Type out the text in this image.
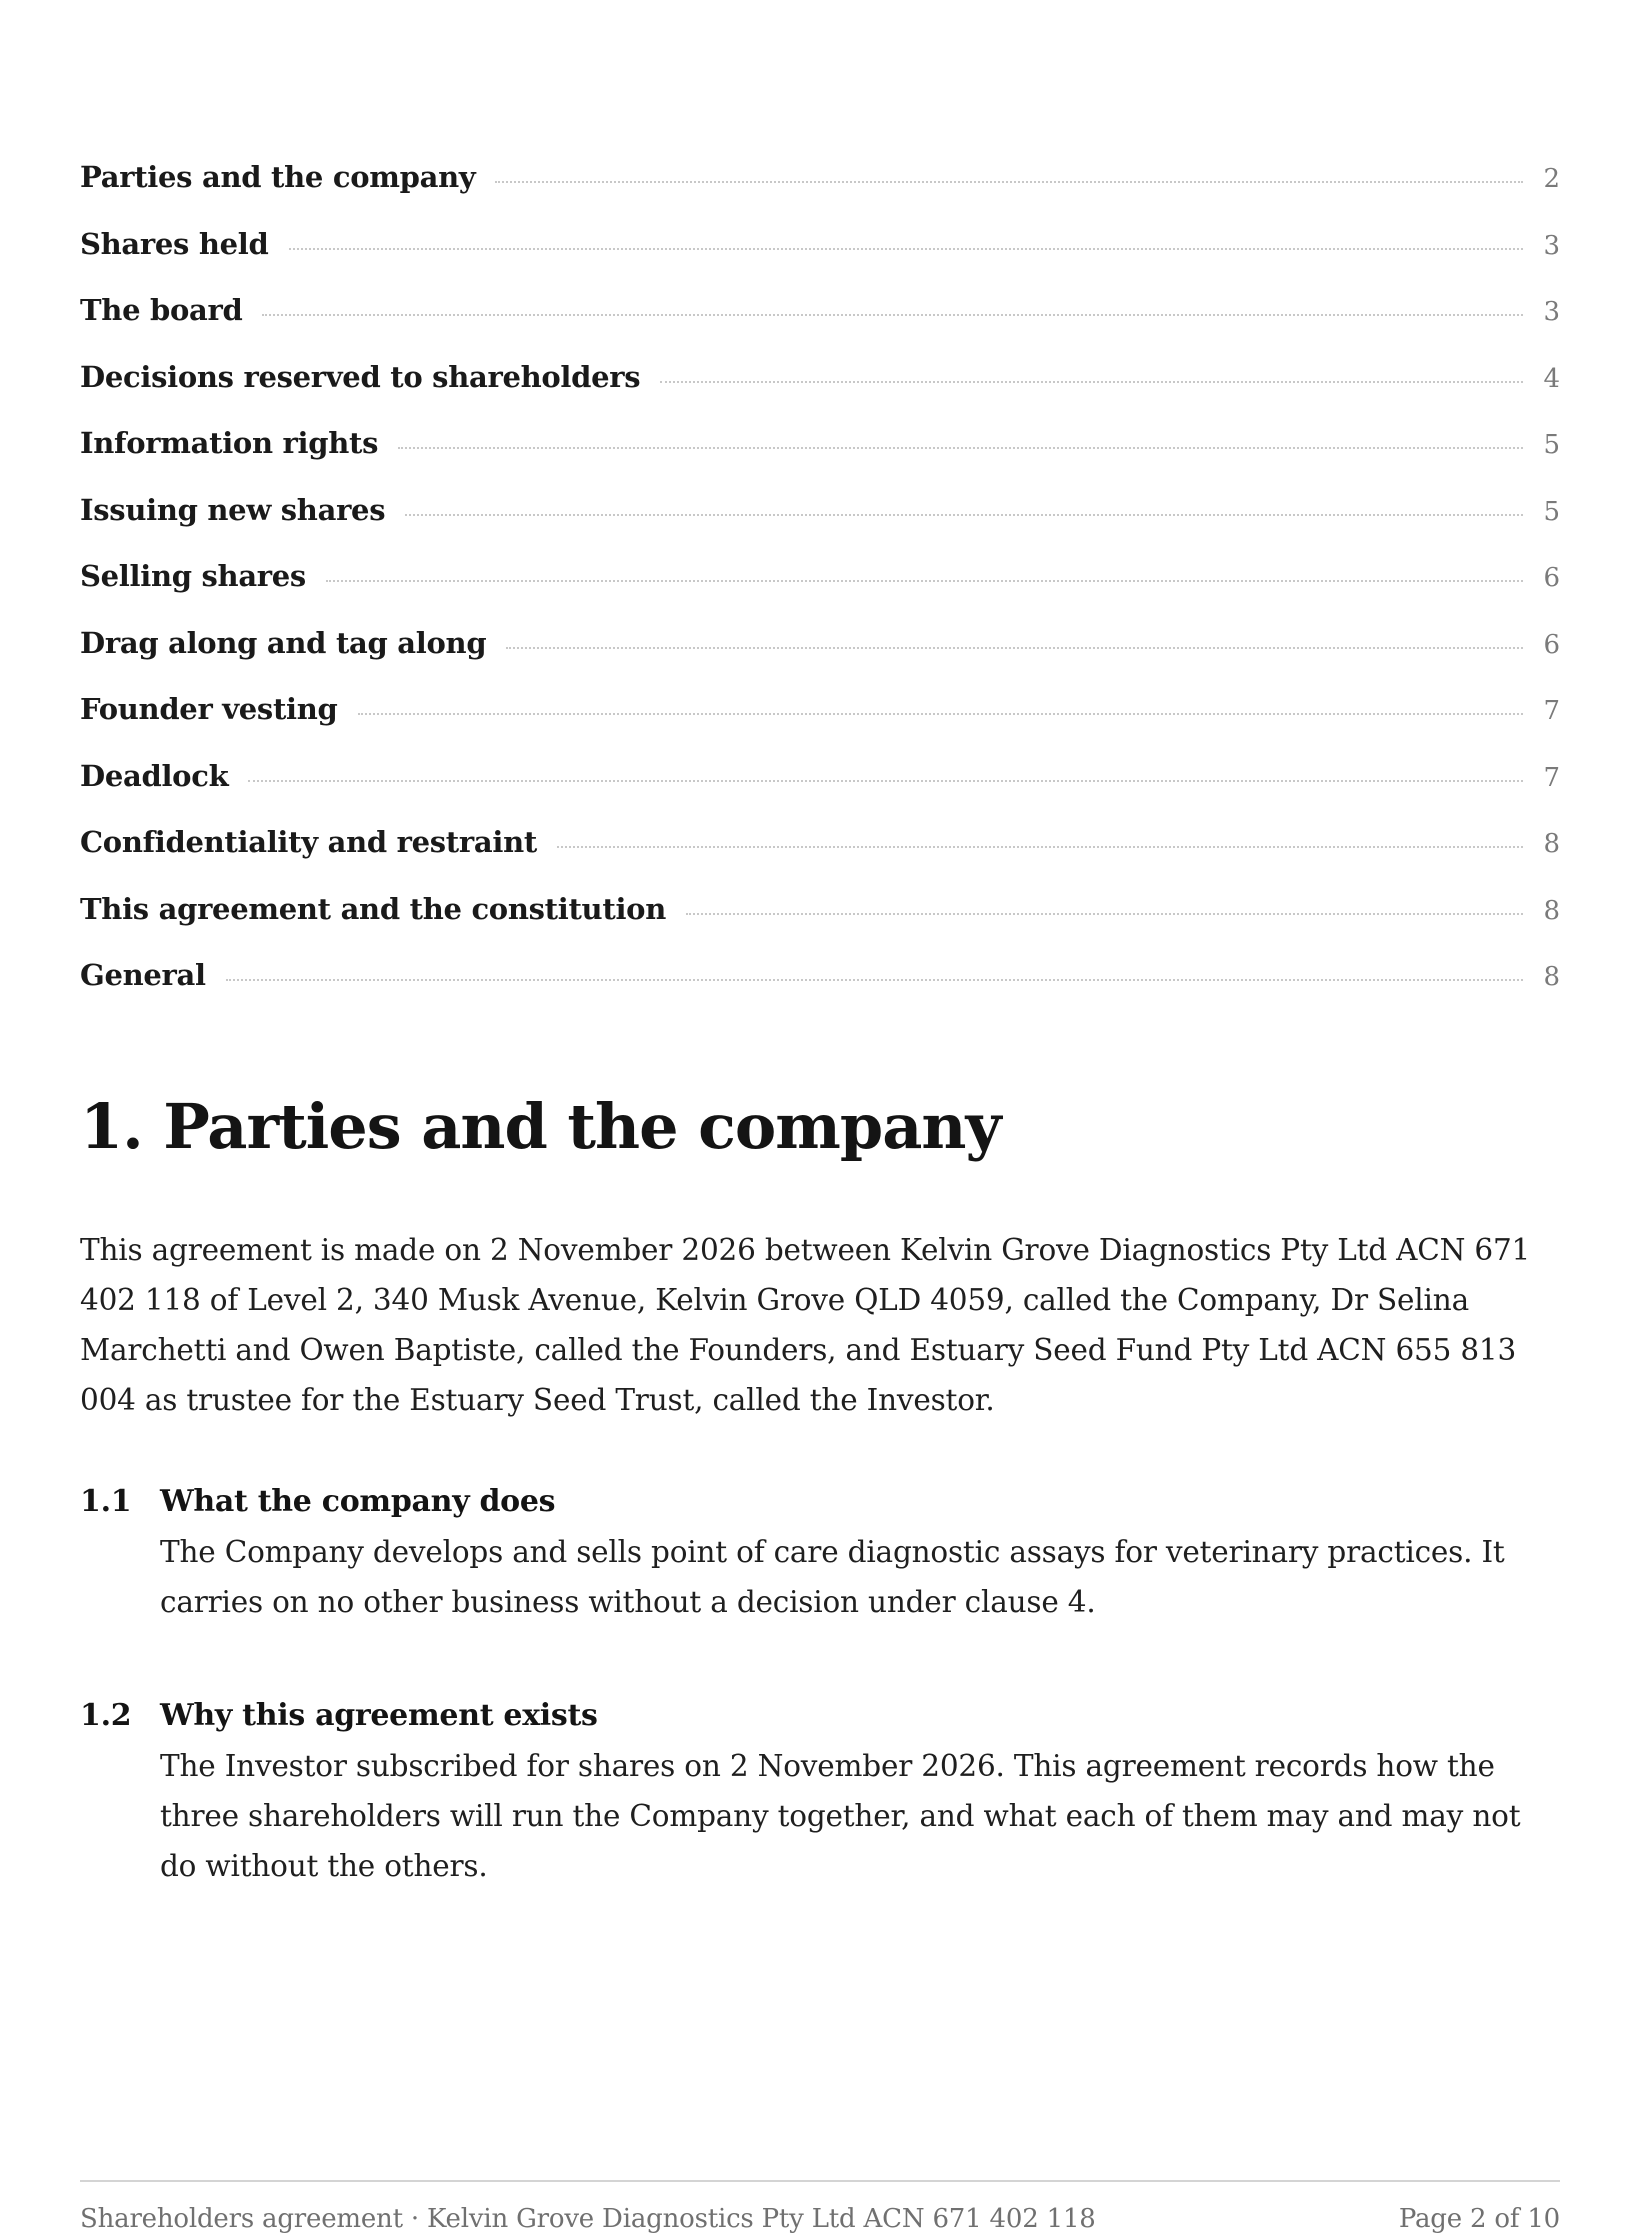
Parties and the company	2
Shares held	3
The board	3
Decisions reserved to shareholders	4
Information rights	5
Issuing new shares	5
Selling shares	6
Drag along and tag along	6
Founder vesting	7
Deadlock	7
Confidentiality and restraint	8
This agreement and the constitution	8
General	8
1. Parties and the company

This agreement is made on 2 November 2026 between Kelvin Grove Diagnostics Pty Ltd ACN 671 402 118 of Level 2, 340 Musk Avenue, Kelvin Grove QLD 4059, called the Company, Dr Selina Marchetti and Owen Baptiste, called the Founders, and Estuary Seed Fund Pty Ltd ACN 655 813 004 as trustee for the Estuary Seed Trust, called the Investor.

1.1 What the company does

The Company develops and sells point of care diagnostic assays for veterinary practices. It carries on no other business without a decision under clause 4.

1.2 Why this agreement exists

The Investor subscribed for shares on 2 November 2026. This agreement records how the three shareholders will run the Company together, and what each of them may and may not do without the others.

Shareholders agreement · Kelvin Grove Diagnostics Pty Ltd ACN 671 402 118	Page 2 of 10
